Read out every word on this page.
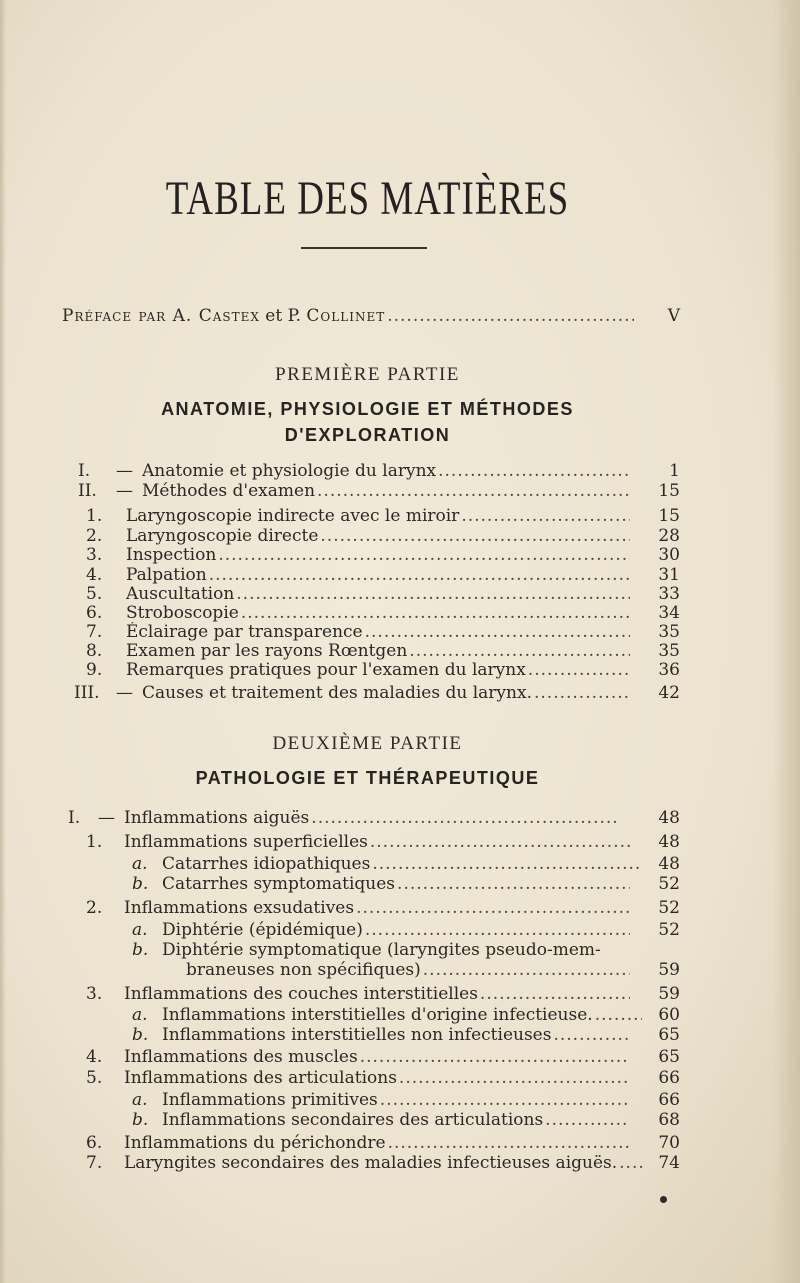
TABLE DES MATIÈRES
Préface par A. Castex et P. Collinet .....	V
PREMIÈRE PARTIE
ANATOMIE, PHYSIOLOGIE ET MÉTHODES
D'EXPLORATION
DEUXIÈME PARTIE
PATHOLOGIE ET THÉRAPEUTIQUE
I. — Anatomie et physiologie du larynx .....	1
II. — Méthodes d'examen .....	15
1. Laryngoscopie indirecte avec le miroir .....	15
2. Laryngoscopie directe .....	28
3. Inspection .....	30
4. Palpation .....	31
5. Auscultation .....	33
6. Stroboscopie .....	34
7. Éclairage par transparence .....	35
8. Examen par les rayons Rœntgen .....	35
9. Remarques pratiques pour l'examen du larynx .....	36
III. — Causes et traitement des maladies du larynx. .....	42
I. — Inflammations aiguës .....	48
1. Inflammations superficielles .....	48
a. Catarrhes idiopathiques .....	48
b. Catarrhes symptomatiques .....	52
2. Inflammations exsudatives .....	52
a. Diphtérie (épidémique) .....	52
b. Diphtérie symptomatique (laryngites pseudo-mem-
braneuses non spécifiques) .....	59
3. Inflammations des couches interstitielles .....	59
a. Inflammations interstitielles d'origine infectieuse. .....	60
b. Inflammations interstitielles non infectieuses .....	65
4. Inflammations des muscles .....	65
5. Inflammations des articulations .....	66
a. Inflammations primitives .....	66
b. Inflammations secondaires des articulations .....	68
6. Inflammations du périchondre .....	70
7. Laryngites secondaires des maladies infectieuses aiguës. .....	74
